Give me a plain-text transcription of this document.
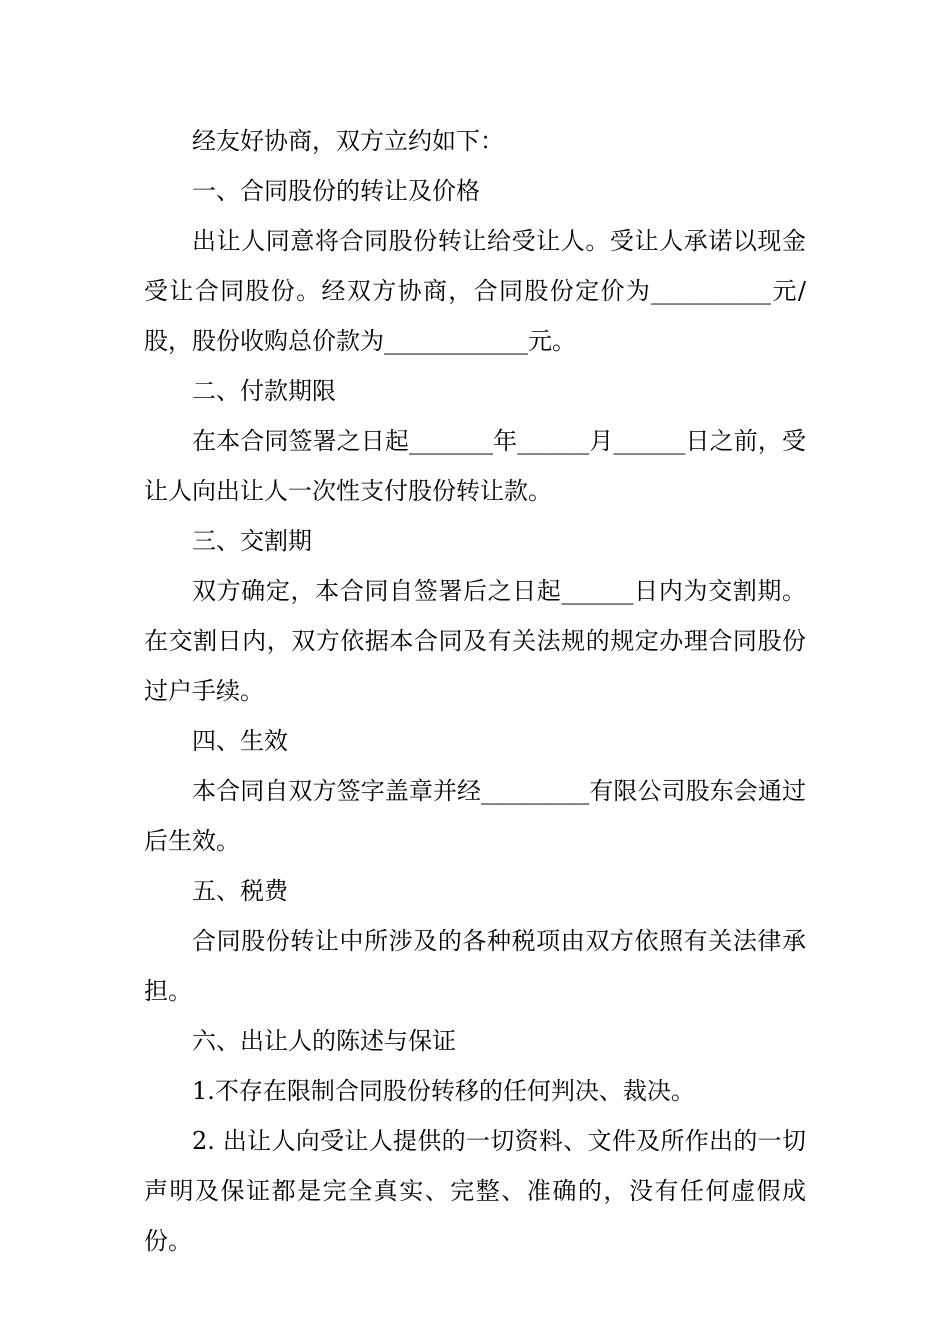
经友好协商，双方立约如下：

一、合同股份的转让及价格

出让人同意将合同股份转让给受让人。受让人承诺以现金受让合同股份。经双方协商，合同股份定价为__________元/股，股份收购总价款为____________元。

二、付款期限

在本合同签署之日起_______年______月______日之前，受让人向出让人一次性支付股份转让款。

三、交割期

双方确定，本合同自签署后之日起______日内为交割期。在交割日内，双方依据本合同及有关法规的规定办理合同股份过户手续。

四、生效

本合同自双方签字盖章并经_________有限公司股东会通过后生效。

五、税费

合同股份转让中所涉及的各种税项由双方依照有关法律承担。

六、出让人的陈述与保证

1.不存在限制合同股份转移的任何判决、裁决。

2. 出让人向受让人提供的一切资料、文件及所作出的一切声明及保证都是完全真实、完整、准确的，没有任何虚假成份。
